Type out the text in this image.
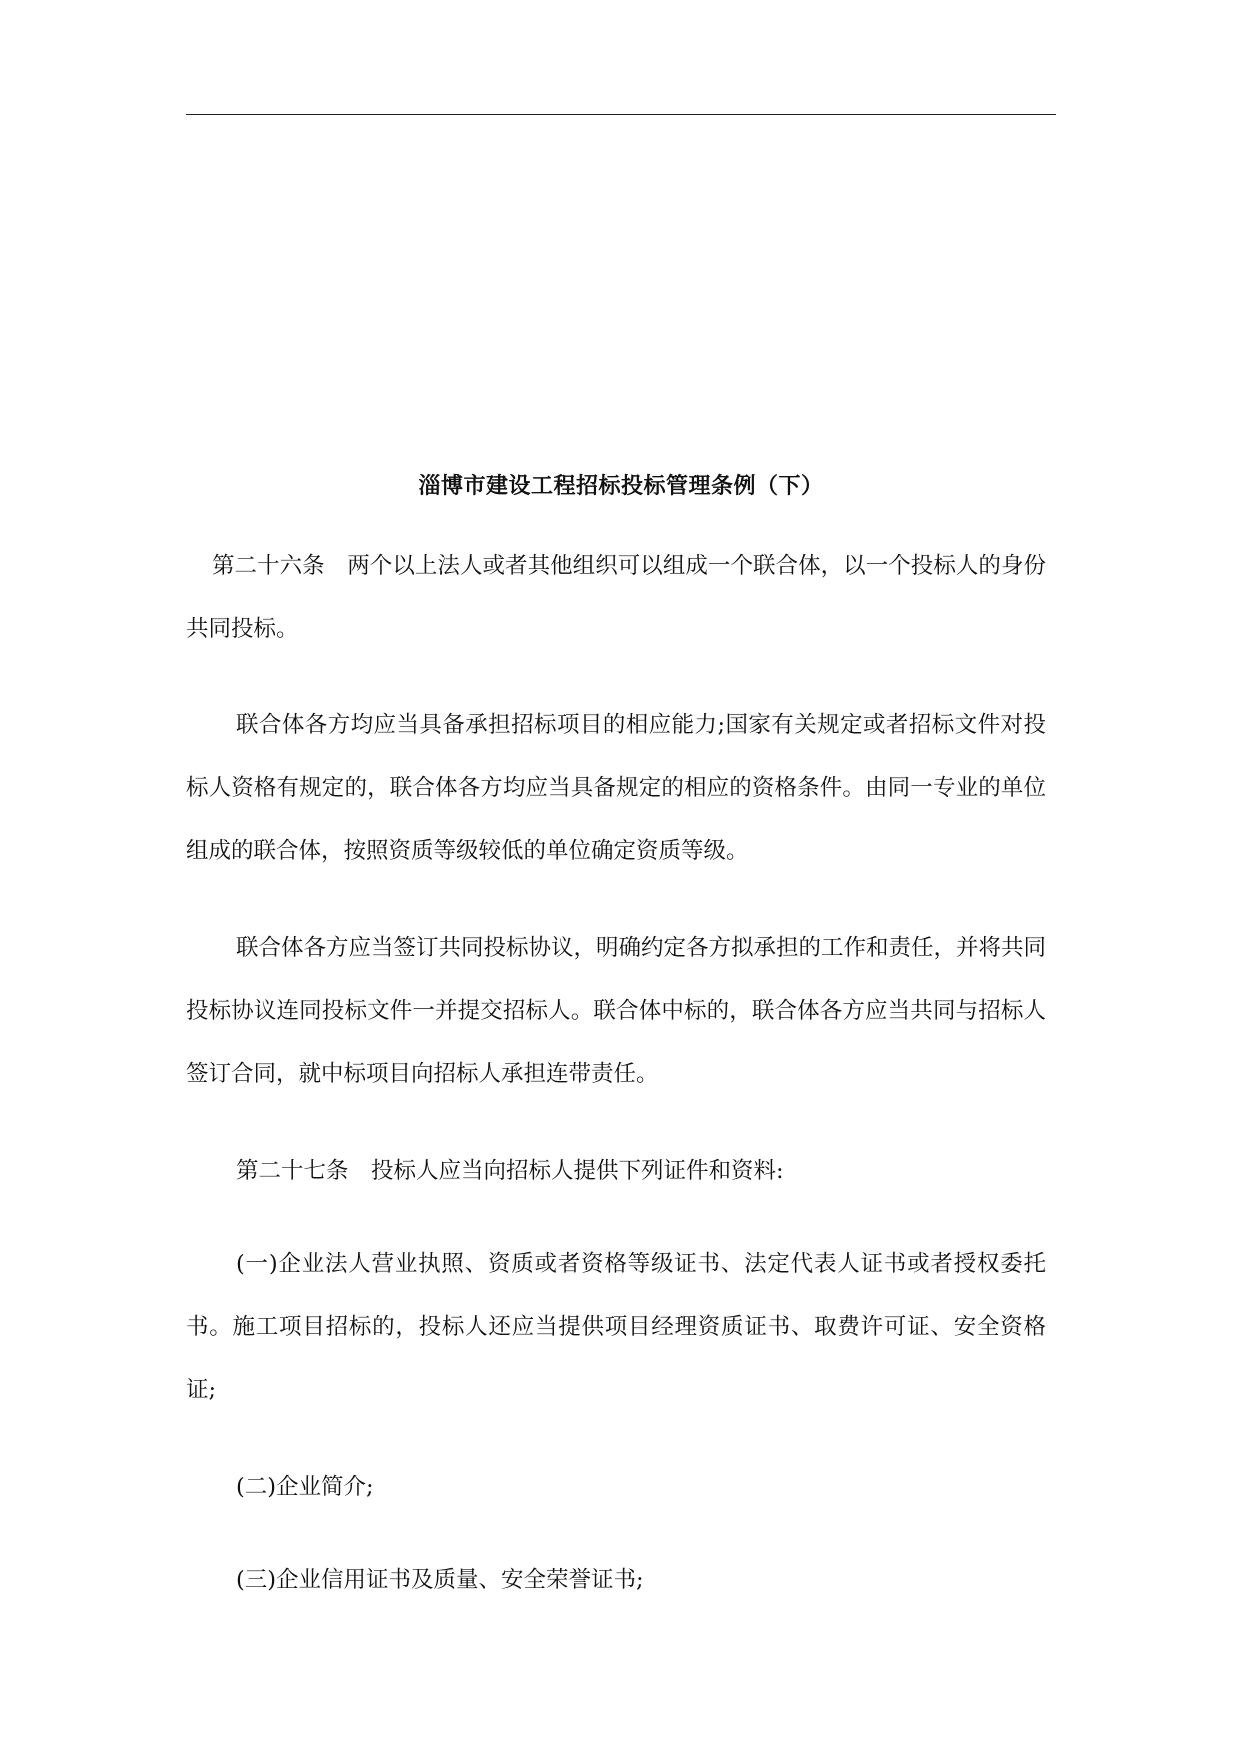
淄博市建设工程招标投标管理条例（下）

第二十六条　两个以上法人或者其他组织可以组成一个联合体，以一个投标人的身份共同投标。

联合体各方均应当具备承担招标项目的相应能力;国家有关规定或者招标文件对投标人资格有规定的，联合体各方均应当具备规定的相应的资格条件。由同一专业的单位组成的联合体，按照资质等级较低的单位确定资质等级。

联合体各方应当签订共同投标协议，明确约定各方拟承担的工作和责任，并将共同投标协议连同投标文件一并提交招标人。联合体中标的，联合体各方应当共同与招标人签订合同，就中标项目向招标人承担连带责任。

第二十七条　投标人应当向招标人提供下列证件和资料:

(一)企业法人营业执照、资质或者资格等级证书、法定代表人证书或者授权委托书。施工项目招标的，投标人还应当提供项目经理资质证书、取费许可证、安全资格证;

(二)企业简介;

(三)企业信用证书及质量、安全荣誉证书;
